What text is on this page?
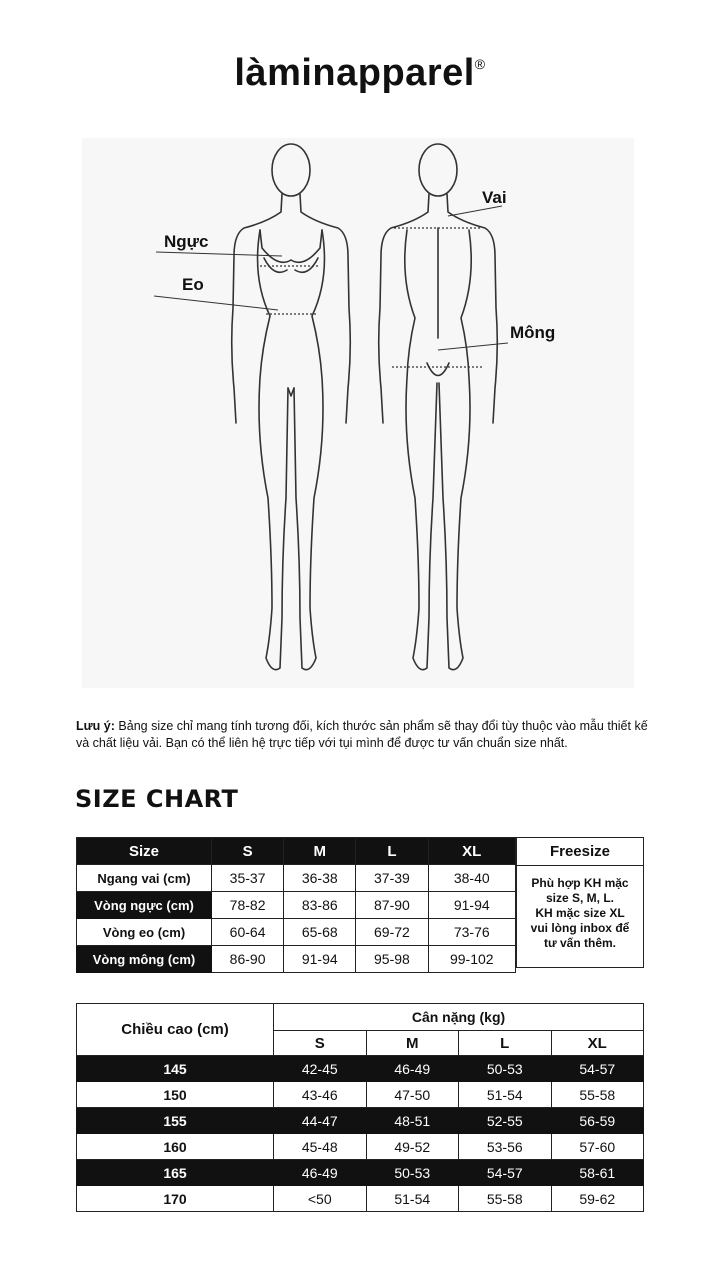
làminapparel®
Ngực
Eo
Vai
Mông
Lưu ý: Bảng size chỉ mang tính tương đối, kích thước sản phẩm sẽ thay đổi tùy thuộc vào mẫu thiết kế và chất liệu vải. Bạn có thể liên hệ trực tiếp với tụi mình để được tư vấn chuẩn size nhất.
SIZE CHART
Size	S	M	L	XL
Ngang vai (cm)	35-37	36-38	37-39	38-40
Vòng ngực (cm)	78-82	83-86	87-90	91-94
Vòng eo (cm)	60-64	65-68	69-72	73-76
Vòng mông (cm)	86-90	91-94	95-98	99-102
Freesize
Phù hợp KH mặc
size S, M, L.
KH mặc size XL
vui lòng inbox để
tư vấn thêm.
Chiều cao (cm)	Cân nặng (kg)			
	S	M	L	XL
145	42-45	46-49	50-53	54-57
150	43-46	47-50	51-54	55-58
155	44-47	48-51	52-55	56-59
160	45-48	49-52	53-56	57-60
165	46-49	50-53	54-57	58-61
170	<50	51-54	55-58	59-62
